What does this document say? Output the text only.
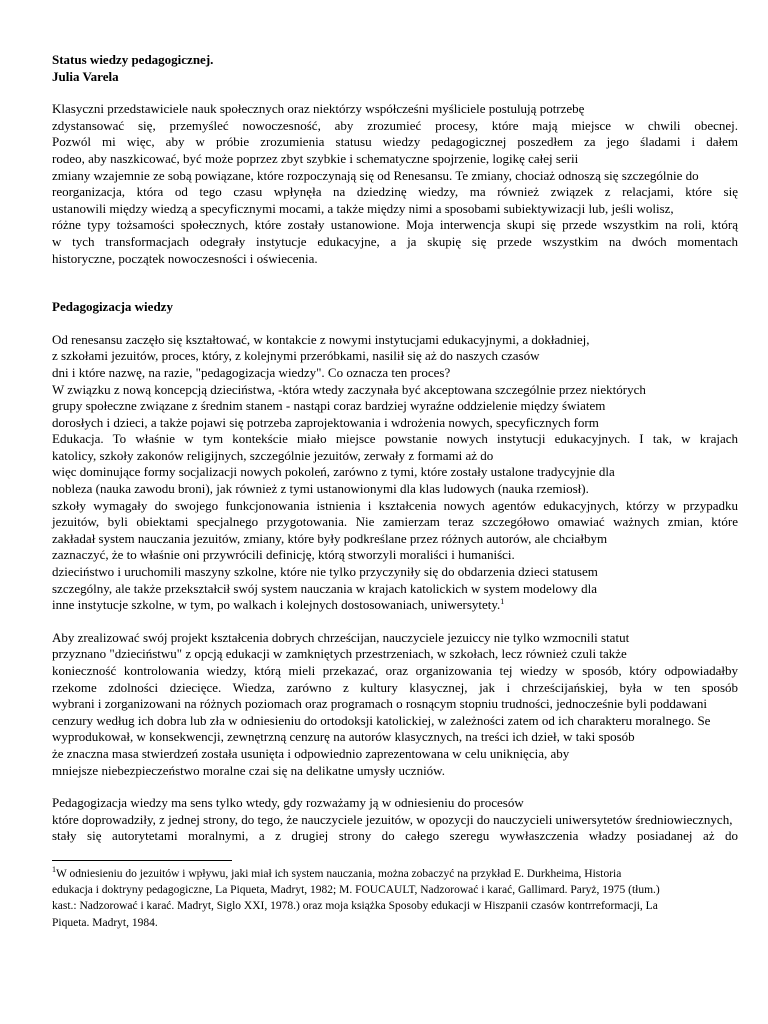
Status wiedzy pedagogicznej.
Julia Varela
Klasyczni przedstawiciele nauk społecznych oraz niektórzy współcześni myśliciele postulują potrzebę
zdystansować się, przemyśleć nowoczesność, aby zrozumieć procesy, które mają miejsce w chwili obecnej.
Pozwól mi więc, aby w próbie zrozumienia statusu wiedzy pedagogicznej poszedłem za jego śladami i dałem
rodeo, aby naszkicować, być może poprzez zbyt szybkie i schematyczne spojrzenie, logikę całej serii
zmiany wzajemnie ze sobą powiązane, które rozpoczynają się od Renesansu. Te zmiany, chociaż odnoszą się szczególnie do
reorganizacja, która od tego czasu wpłynęła na dziedzinę wiedzy, ma również związek z relacjami, które się
ustanowili między wiedzą a specyficznymi mocami, a także między nimi a sposobami subiektywizacji lub, jeśli wolisz,
różne typy tożsamości społecznych, które zostały ustanowione. Moja interwencja skupi się przede wszystkim na roli, którą
w tych transformacjach odegrały instytucje edukacyjne, a ja skupię się przede wszystkim na dwóch momentach
historyczne, początek nowoczesności i oświecenia.
Pedagogizacja wiedzy
Od renesansu zaczęło się kształtować, w kontakcie z nowymi instytucjami edukacyjnymi, a dokładniej,
z szkołami jezuitów, proces, który, z kolejnymi przeróbkami, nasilił się aż do naszych czasów
dni i które nazwę, na razie, "pedagogizacja wiedzy". Co oznacza ten proces?
W związku z nową koncepcją dzieciństwa, -która wtedy zaczynała być akceptowana szczególnie przez niektórych
grupy społeczne związane z średnim stanem - nastąpi coraz bardziej wyraźne oddzielenie między światem
dorosłych i dzieci, a także pojawi się potrzeba zaprojektowania i wdrożenia nowych, specyficznych form
Edukacja. To właśnie w tym kontekście miało miejsce powstanie nowych instytucji edukacyjnych. I tak, w krajach
katolicy, szkoły zakonów religijnych, szczególnie jezuitów, zerwały z formami aż do
więc dominujące formy socjalizacji nowych pokoleń, zarówno z tymi, które zostały ustalone tradycyjnie dla
nobleza (nauka zawodu broni), jak również z tymi ustanowionymi dla klas ludowych (nauka rzemiosł).
szkoły wymagały do swojego funkcjonowania istnienia i kształcenia nowych agentów edukacyjnych, którzy w przypadku
jezuitów, byli obiektami specjalnego przygotowania. Nie zamierzam teraz szczegółowo omawiać ważnych zmian, które
zakładał system nauczania jezuitów, zmiany, które były podkreślane przez różnych autorów, ale chciałbym
zaznaczyć, że to właśnie oni przywrócili definicję, którą stworzyli moraliści i humaniści.
dzieciństwo i uruchomili maszyny szkolne, które nie tylko przyczyniły się do obdarzenia dzieci statusem
szczególny, ale także przekształcił swój system nauczania w krajach katolickich w system modelowy dla
inne instytucje szkolne, w tym, po walkach i kolejnych dostosowaniach, uniwersytety.$^1$
Aby zrealizować swój projekt kształcenia dobrych chrześcijan, nauczyciele jezuiccy nie tylko wzmocnili statut
przyznano "dzieciństwu" z opcją edukacji w zamkniętych przestrzeniach, w szkołach, lecz również czuli także
konieczność kontrolowania wiedzy, którą mieli przekazać, oraz organizowania tej wiedzy w sposób, który odpowiadałby
rzekome zdolności dziecięce. Wiedza, zarówno z kultury klasycznej, jak i chrześcijańskiej, była w ten sposób
wybrani i zorganizowani na różnych poziomach oraz programach o rosnącym stopniu trudności, jednocześnie byli poddawani
cenzury według ich dobra lub zła w odniesieniu do ortodoksji katolickiej, w zależności zatem od ich charakteru moralnego. Se
wyprodukował, w konsekwencji, zewnętrzną cenzurę na autorów klasycznych, na treści ich dzieł, w taki sposób
że znaczna masa stwierdzeń została usunięta i odpowiednio zaprezentowana w celu uniknięcia, aby
mniejsze niebezpieczeństwo moralne czai się na delikatne umysły uczniów.
Pedagogizacja wiedzy ma sens tylko wtedy, gdy rozważamy ją w odniesieniu do procesów
które doprowadziły, z jednej strony, do tego, że nauczyciele jezuitów, w opozycji do nauczycieli uniwersytetów średniowiecznych,
stały się autorytetami moralnymi, a z drugiej strony do całego szeregu wywłaszczenia władzy posiadanej aż do
$^1$W odniesieniu do jezuitów i wpływu, jaki miał ich system nauczania, można zobaczyć na przykład E. Durkheima, Historia
edukacja i doktryny pedagogiczne, La Piqueta, Madryt, 1982; M. FOUCAULT, Nadzorować i karać, Gallimard. Paryż, 1975 (tłum.)
kast.: Nadzorować i karać. Madryt, Siglo XXI, 1978.) oraz moja książka Sposoby edukacji w Hiszpanii czasów kontrreformacji, La
Piqueta. Madryt, 1984.
